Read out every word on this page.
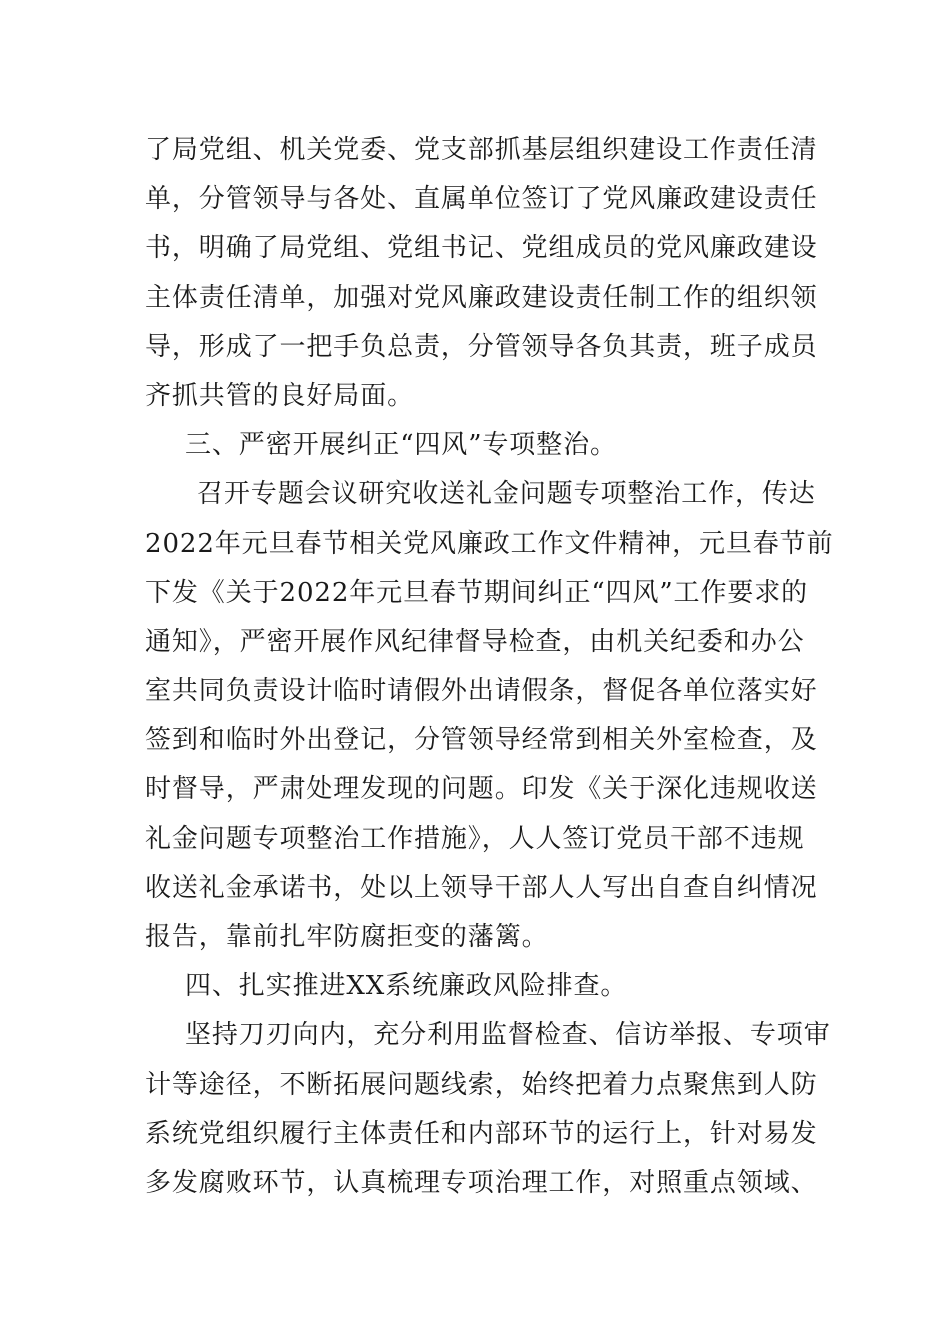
了局党组、机关党委、党支部抓基层组织建设工作责任清
单，分管领导与各处、直属单位签订了党风廉政建设责任
书，明确了局党组、党组书记、党组成员的党风廉政建设
主体责任清单，加强对党风廉政建设责任制工作的组织领
导，形成了一把手负总责，分管领导各负其责，班子成员
齐抓共管的良好局面。
三、严密开展纠正“四风”专项整治。
召开专题会议研究收送礼金问题专项整治工作，传达
2022年元旦春节相关党风廉政工作文件精神，元旦春节前
下发《关于2022年元旦春节期间纠正“四风”工作要求的
通知》，严密开展作风纪律督导检查，由机关纪委和办公
室共同负责设计临时请假外出请假条，督促各单位落实好
签到和临时外出登记，分管领导经常到相关外室检查，及
时督导，严肃处理发现的问题。印发《关于深化违规收送
礼金问题专项整治工作措施》，人人签订党员干部不违规
收送礼金承诺书，处以上领导干部人人写出自查自纠情况
报告，靠前扎牢防腐拒变的藩篱。
四、扎实推进XX系统廉政风险排查。
坚持刀刃向内，充分利用监督检查、信访举报、专项审
计等途径，不断拓展问题线索，始终把着力点聚焦到人防
系统党组织履行主体责任和内部环节的运行上，针对易发
多发腐败环节，认真梳理专项治理工作，对照重点领域、
